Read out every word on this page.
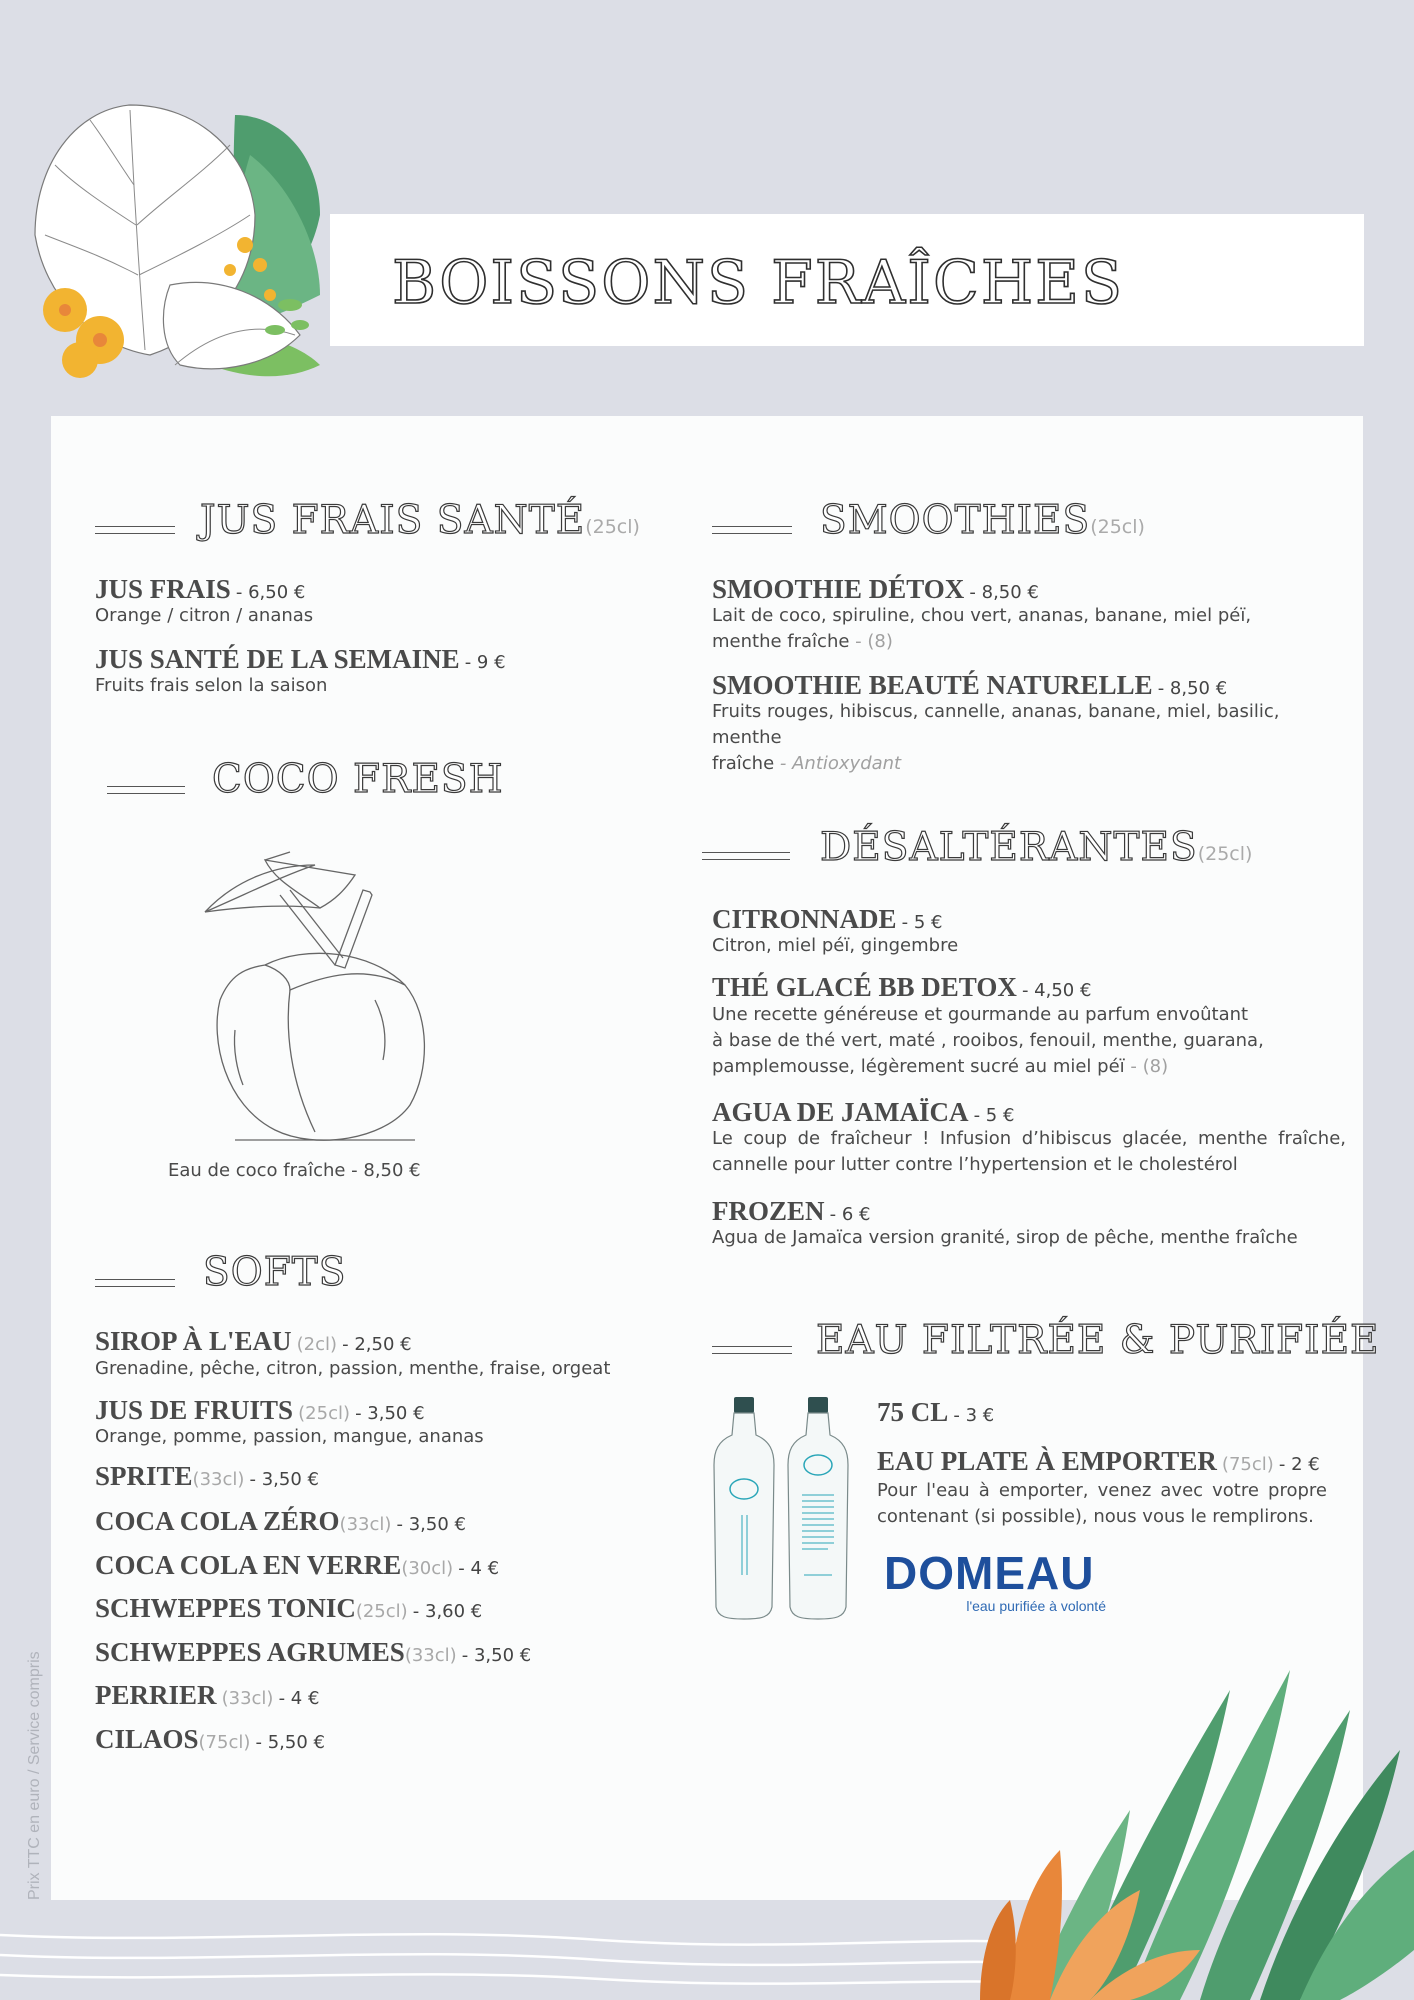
BOISSONS FRAÎCHES
JUS FRAIS SANTÉ(25cl)
JUS FRAIS - 6,50 €
Orange / citron / ananas
JUS SANTÉ DE LA SEMAINE - 9 €
Fruits frais selon la saison
COCO FRESH
Eau de coco fraîche - 8,50 €
SOFTS
SIROP À L'EAU (2cl) - 2,50 €
Grenadine, pêche, citron, passion, menthe, fraise, orgeat
JUS DE FRUITS (25cl) - 3,50 €
Orange, pomme, passion, mangue, ananas
SPRITE(33cl) - 3,50 €
COCA COLA ZÉRO(33cl) - 3,50 €
COCA COLA EN VERRE(30cl) - 4 €
SCHWEPPES TONIC(25cl) - 3,60 €
SCHWEPPES AGRUMES(33cl) - 3,50 €
PERRIER (33cl) - 4 €
CILAOS(75cl) - 5,50 €
SMOOTHIES(25cl)
SMOOTHIE DÉTOX - 8,50 €
Lait de coco, spiruline, chou vert, ananas, banane, miel péï,
menthe fraîche - (8)
SMOOTHIE BEAUTÉ NATURELLE - 8,50 €
Fruits rouges, hibiscus, cannelle, ananas, banane, miel, basilic, menthe
fraîche - Antioxydant
DÉSALTÉRANTES(25cl)
CITRONNADE - 5 €
Citron, miel péï, gingembre
THÉ GLACÉ BB DETOX - 4,50 €
Une recette généreuse et gourmande au parfum envoûtant
à base de thé vert, maté , rooibos, fenouil, menthe, guarana,
pamplemousse, légèrement sucré au miel péï - (8)
AGUA DE JAMAÏCA - 5 €
Le coup de fraîcheur ! Infusion d’hibiscus glacée, menthe fraîche, cannelle pour lutter contre l’hypertension et le cholestérol
FROZEN - 6 €
Agua de Jamaïca version granité, sirop de pêche, menthe fraîche
EAU FILTRÉE & PURIFIÉE
75 CL - 3 €
EAU PLATE À EMPORTER (75cl) - 2 €
Pour l'eau à emporter, venez avec votre propre contenant (si possible), nous vous le remplirons.
DOMEAU
l'eau purifiée à volonté
Prix TTC en euro / Service compris
